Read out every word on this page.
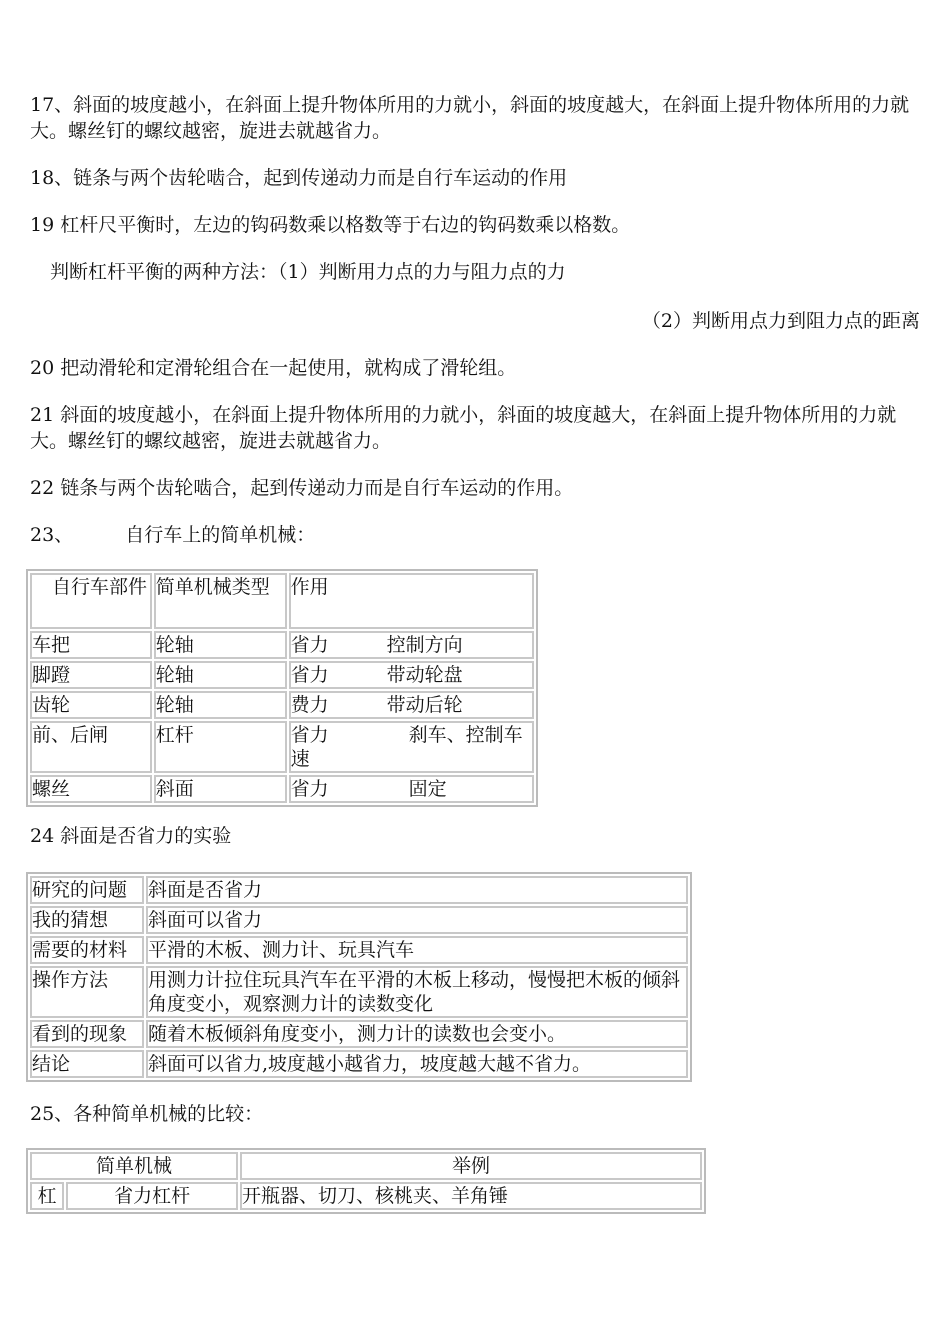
17、斜面的坡度越小，在斜面上提升物体所用的力就小，斜面的坡度越大，在斜面上提升物体所用的力就大。螺丝钉的螺纹越密，旋进去就越省力。

18、链条与两个齿轮啮合，起到传递动力而是自行车运动的作用

19 杠杆尺平衡时，左边的钩码数乘以格数等于右边的钩码数乘以格数。

判断杠杆平衡的两种方法：（1）判断用力点的力与阻力点的力

（2）判断用点力到阻力点的距离

20 把动滑轮和定滑轮组合在一起使用，就构成了滑轮组。

21 斜面的坡度越小，在斜面上提升物体所用的力就小，斜面的坡度越大，在斜面上提升物体所用的力就大。螺丝钉的螺纹越密，旋进去就越省力。

22 链条与两个齿轮啮合，起到传递动力而是自行车运动的作用。

23、	自行车上的简单机械：

自行车部件	简单机械类型	作用
车把	轮轴	省力 控制方向
脚蹬	轮轴	省力 带动轮盘
齿轮	轮轴	费力 带动后轮
前、后闸	杠杆	省力 刹车、控制车速
螺丝	斜面	省力 固定

24 斜面是否省力的实验

研究的问题	斜面是否省力
我的猜想	斜面可以省力
需要的材料	平滑的木板、测力计、玩具汽车
操作方法	用测力计拉住玩具汽车在平滑的木板上移动，慢慢把木板的倾斜角度变小，观察测力计的读数变化
看到的现象	随着木板倾斜角度变小，测力计的读数也会变小。
结论	斜面可以省力,坡度越小越省力，坡度越大越不省力。

25、各种简单机械的比较：

简单机械		举例
杠	省力杠杆	开瓶器、切刀、核桃夹、羊角锤
